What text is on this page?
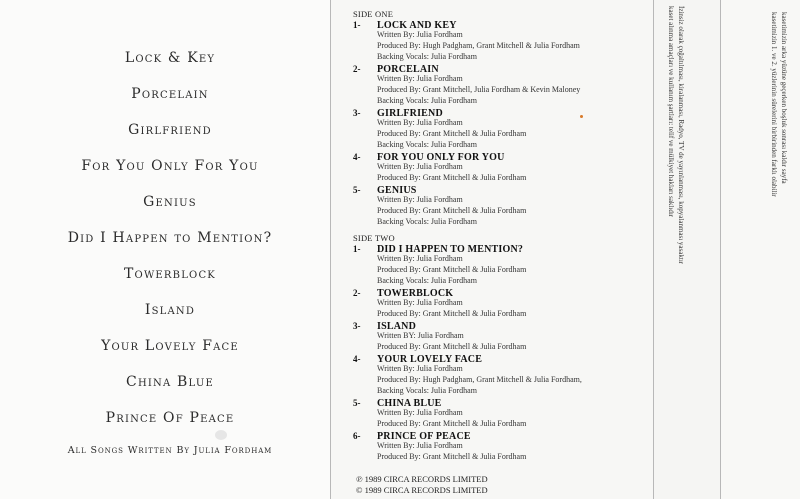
Lock & Key
Porcelain
Girlfriend
For You Only For You
Genius
Did I Happen to Mention?
Towerblock
Island
Your Lovely Face
China Blue
Prince Of Peace
All Songs Written By Julia Fordham
SIDE ONE
1- LOCK AND KEY
Written By: Julia Fordham
Produced By: Hugh Padgham, Grant Mitchell & Julia Fordham
Backing Vocals: Julia Fordham
2- PORCELAIN
Written By: Julia Fordham
Produced By: Grant Mitchell, Julia Fordham & Kevin Maloney
Backing Vocals: Julia Fordham
3- GIRLFRIEND
Written By: Julia Fordham
Produced By: Grant Mitchell & Julia Fordham
Backing Vocals: Julia Fordham
4- FOR YOU ONLY FOR YOU
Written By: Julia Fordham
Produced By: Grant Mitchell & Julia Fordham
5- GENIUS
Written By: Julia Fordham
Produced By: Grant Mitchell & Julia Fordham
Backing Vocals: Julia Fordham
SIDE TWO
1- DID I HAPPEN TO MENTION?
Written By: Julia Fordham
Produced By: Grant Mitchell & Julia Fordham
Backing Vocals: Julia Fordham
2- TOWERBLOCK
Written By: Julia Fordham
Produced By: Grant Mitchell & Julia Fordham
3- ISLAND
Written BY: Julia Fordham
Produced By: Grant Mitchell & Julia Fordham
4- YOUR LOVELY FACE
Written By: Julia Fordham
Produced By: Hugh Padgham, Grant Mitchell & Julia Fordham,
Backing Vocals: Julia Fordham
5- CHINA BLUE
Written By: Julia Fordham
Produced By: Grant Mitchell & Julia Fordham
6- PRINCE OF PEACE
Written By: Julia Fordham
Produced By: Grant Mitchell & Julia Fordham
℗ 1989 CIRCA RECORDS LIMITED
© 1989 CIRCA RECORDS LIMITED
kaset alınma amaçları ve kullanım şartları: telif ve mülkiyet hakları saklıdır İzinsiz olarak çoğaltılması, kiralanması, Radyo, TV de yayınlanması, kopyalanması yasaktır	kasetimizin 1. ve 2. yüzlerinin sürelerini birbirinden farklı olabilir kasetimizin arka yüzüne geçerken boşluk sonrası kaldır sayfa
